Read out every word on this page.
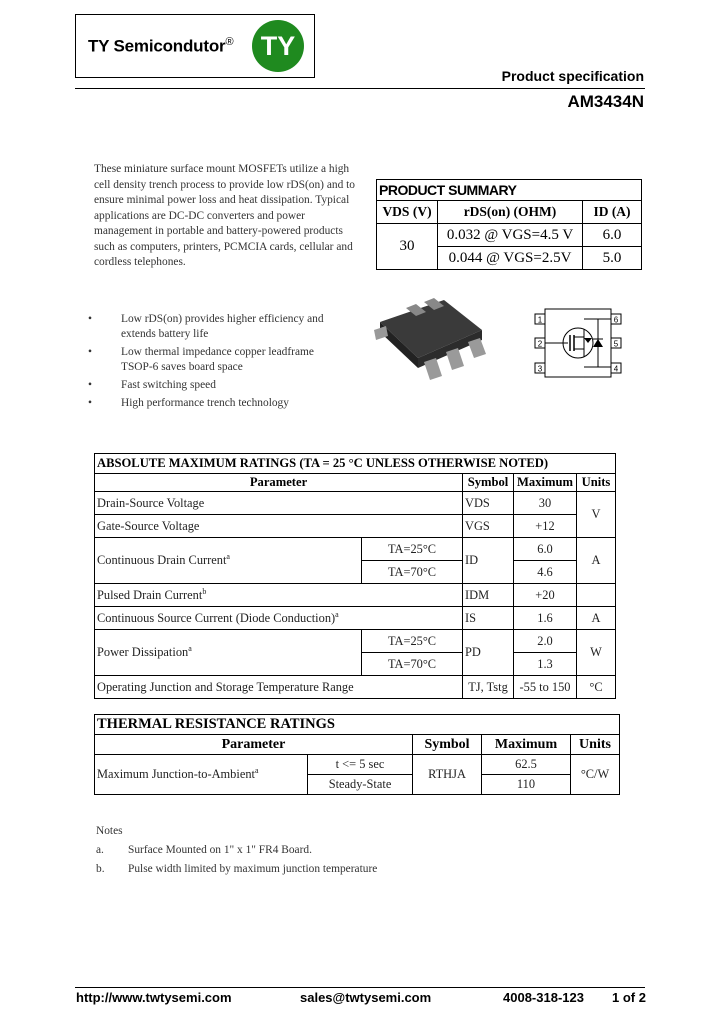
TY Semicondutor®	TY
Product specification
AM3434N
These miniature surface mount MOSFETs utilize a high cell density trench process to provide low rDS(on) and to ensure minimal power loss and heat dissipation. Typical applications are DC-DC converters and power management in portable and battery-powered products such as computers, printers, PCMCIA cards, cellular and cordless telephones.
PRODUCT SUMMARY		
VDS (V)	rDS(on) (OHM)	ID (A)
30	0.032 @ VGS=4.5 V	6.0
	0.044 @ VGS=2.5V	5.0
• Low rDS(on) provides higher efficiency and extends battery life
• Low thermal impedance copper leadframe TSOP-6 saves board space
• Fast switching speed
• High performance trench technology
1
2
3
6
5
4
ABSOLUTE MAXIMUM RATINGS (TA = 25 °C UNLESS OTHERWISE NOTED)				
Parameter		Symbol	Maximum	Units
Drain-Source Voltage		VDS	30	V
Gate-Source Voltage		VGS	+12	
Continuous Drain Current$^a$	TA=25°C	ID	6.0	A
	TA=70°C		4.6	
Pulsed Drain Current$^b$		IDM	+20	
Continuous Source Current (Diode Conduction)$^a$		IS	1.6	A
Power Dissipation$^a$	TA=25°C	PD	2.0	W
	TA=70°C		1.3	
Operating Junction and Storage Temperature Range		TJ, Tstg	-55 to 150	°C
THERMAL RESISTANCE RATINGS				
Parameter		Symbol	Maximum	Units
Maximum Junction-to-Ambient$^a$	t <= 5 sec	RTHJA	62.5	°C/W
	Steady-State		110	
Notes
a.	Surface Mounted on 1" x 1" FR4 Board.
b.	Pulse width limited by maximum junction temperature
http://www.twtysemi.com	sales@twtysemi.com	4008-318-123 1 of 2
